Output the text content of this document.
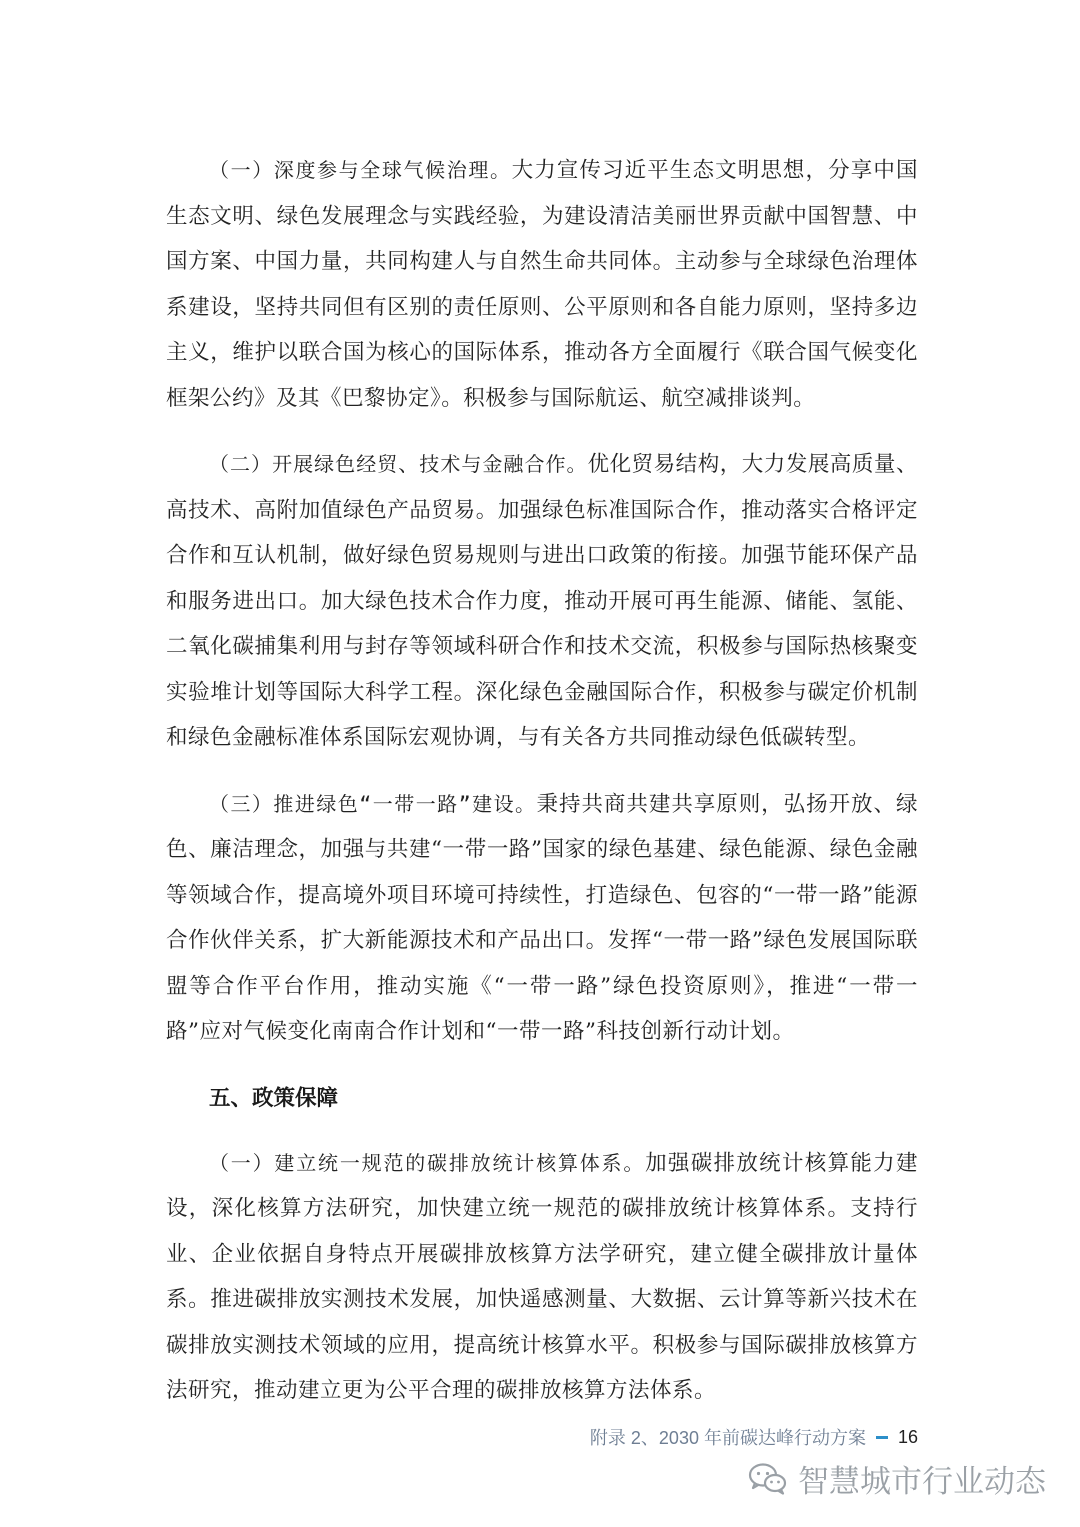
（一）深度参与全球气候治理。大力宣传习近平生态文明思想，分享中国生态文明、绿色发展理念与实践经验，为建设清洁美丽世界贡献中国智慧、中国方案、中国力量，共同构建人与自然生命共同体。主动参与全球绿色治理体系建设，坚持共同但有区别的责任原则、公平原则和各自能力原则，坚持多边主义，维护以联合国为核心的国际体系，推动各方全面履行《联合国气候变化框架公约》及其《巴黎协定》。积极参与国际航运、航空减排谈判。

（二）开展绿色经贸、技术与金融合作。优化贸易结构，大力发展高质量、高技术、高附加值绿色产品贸易。加强绿色标准国际合作，推动落实合格评定合作和互认机制，做好绿色贸易规则与进出口政策的衔接。加强节能环保产品和服务进出口。加大绿色技术合作力度，推动开展可再生能源、储能、氢能、二氧化碳捕集利用与封存等领域科研合作和技术交流，积极参与国际热核聚变实验堆计划等国际大科学工程。深化绿色金融国际合作，积极参与碳定价机制和绿色金融标准体系国际宏观协调，与有关各方共同推动绿色低碳转型。

（三）推进绿色“一带一路”建设。秉持共商共建共享原则，弘扬开放、绿色、廉洁理念，加强与共建“一带一路”国家的绿色基建、绿色能源、绿色金融等领域合作，提高境外项目环境可持续性，打造绿色、包容的“一带一路”能源合作伙伴关系，扩大新能源技术和产品出口。发挥“一带一路”绿色发展国际联盟等合作平台作用，推动实施《“一带一路”绿色投资原则》，推进“一带一路”应对气候变化南南合作计划和“一带一路”科技创新行动计划。

五、政策保障

（一）建立统一规范的碳排放统计核算体系。加强碳排放统计核算能力建设，深化核算方法研究，加快建立统一规范的碳排放统计核算体系。支持行业、企业依据自身特点开展碳排放核算方法学研究，建立健全碳排放计量体系。推进碳排放实测技术发展，加快遥感测量、大数据、云计算等新兴技术在碳排放实测技术领域的应用，提高统计核算水平。积极参与国际碳排放核算方法研究，推动建立更为公平合理的碳排放核算方法体系。

附录 2、2030 年前碳达峰行动方案 16
智慧城市行业动态
